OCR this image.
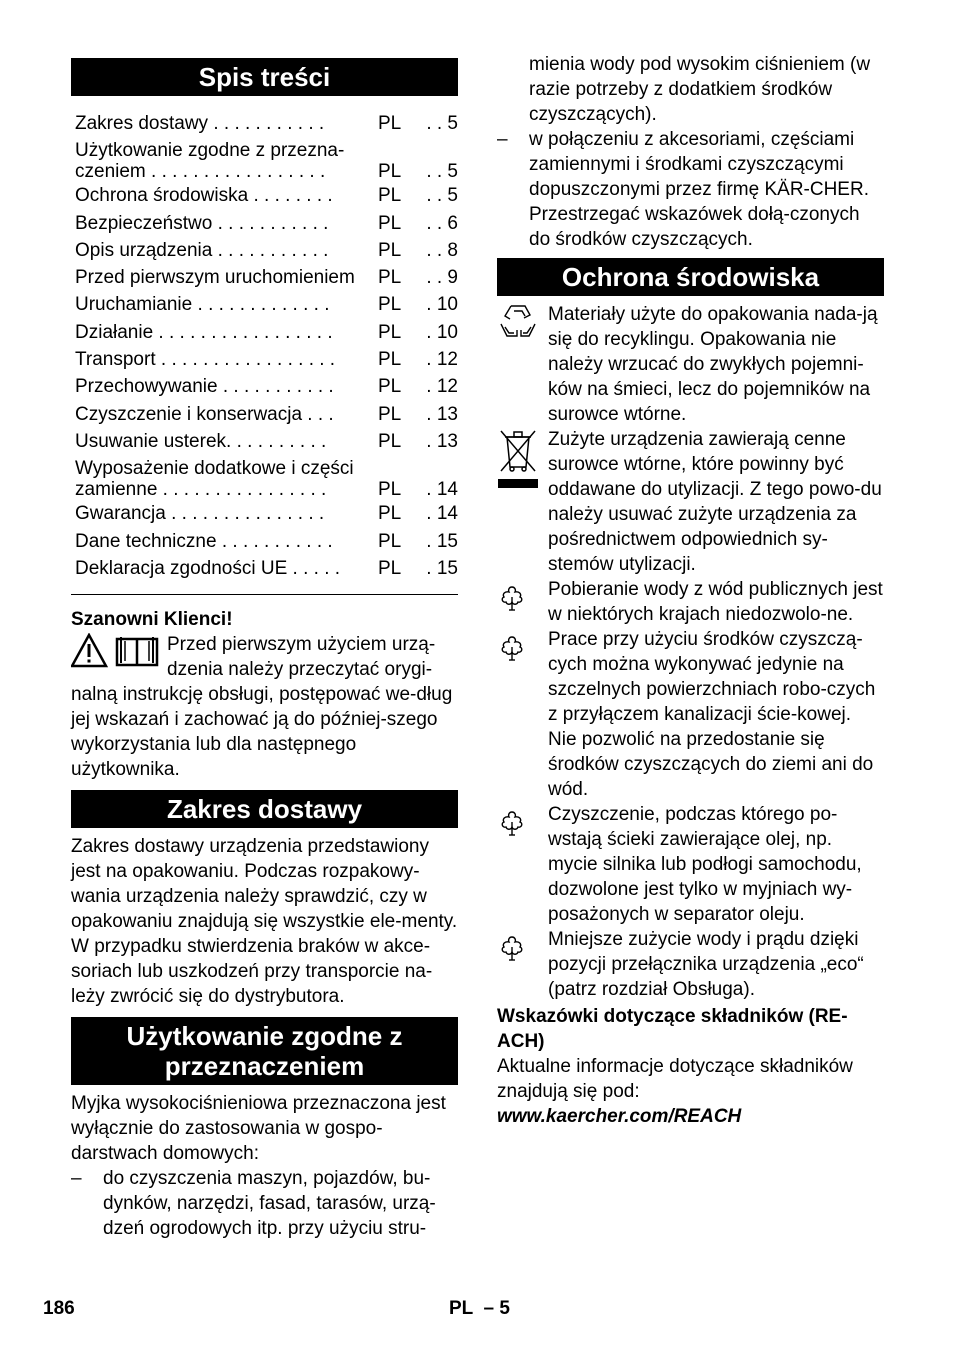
Spis treści
Zakres dostawy . . . . . . . . . . .	PL	. . 5
Użytkowanie zgodne z przezna-
czeniem . . . . . . . . . . . . . . . . .	PL	. . 5
Ochrona środowiska . . . . . . . .	PL	. . 5
Bezpieczeństwo . . . . . . . . . . .	PL	. . 6
Opis urządzenia . . . . . . . . . . .	PL	. . 8
Przed pierwszym uruchomieniem	PL	. . 9
Uruchamianie . . . . . . . . . . . . .	PL	. 10
Działanie . . . . . . . . . . . . . . . . .	PL	. 10
Transport . . . . . . . . . . . . . . . . .	PL	. 12
Przechowywanie . . . . . . . . . . .	PL	. 12
Czyszczenie i konserwacja . . .	PL	. 13
Usuwanie usterek. . . . . . . . . .	PL	. 13
Wyposażenie dodatkowe i części
zamienne . . . . . . . . . . . . . . . .	PL	. 14
Gwarancja . . . . . . . . . . . . . . .	PL	. 14
Dane techniczne . . . . . . . . . . .	PL	. 15
Deklaracja zgodności UE . . . . .	PL	. 15

Szanowni Klienci!

Przed pierwszym użyciem urzą-

dzenia należy przeczytać orygi-

nalną instrukcję obsługi, postępować we-dług jej wskazań i zachować ją do później-szego wykorzystania lub dla następnego użytkownika.

Zakres dostawy

Zakres dostawy urządzenia przedstawiony jest na opakowaniu. Podczas rozpakowy-wania urządzenia należy sprawdzić, czy w opakowaniu znajdują się wszystkie ele-menty.

W przypadku stwierdzenia braków w akce-soriach lub uszkodzeń przy transporcie na-leży zwrócić się do dystrybutora.

Użytkowanie zgodne z
przeznaczeniem

Myjka wysokociśnieniowa przeznaczona jest wyłącznie do zastosowania w gospo-darstwach domowych:

–	do czyszczenia maszyn, pojazdów, bu-dynków, narzędzi, fasad, tarasów, urzą-dzeń ogrodowych itp. przy użyciu stru-
mienia wody pod wysokim ciśnieniem (w razie potrzeby z dodatkiem środków czyszczących).
–	w połączeniu z akcesoriami, częściami zamiennymi i środkami czyszczącymi dopuszczonymi przez firmę KÄR-CHER. Przestrzegać wskazówek dołą-czonych do środków czyszczących.
Ochrona środowiska
Materiały użyte do opakowania nada-ją się do recyklingu. Opakowania nie należy wrzucać do zwykłych pojemni-ków na śmieci, lecz do pojemników na surowce wtórne.
Zużyte urządzenia zawierają cenne surowce wtórne, które powinny być oddawane do utylizacji. Z tego powo-du należy usuwać zużyte urządzenia za pośrednictwem odpowiednich sy-stemów utylizacji.
Pobieranie wody z wód publicznych jest w niektórych krajach niedozwolo-ne.
Prace przy użyciu środków czyszczą-cych można wykonywać jedynie na szczelnych powierzchniach robo-czych z przyłączem kanalizacji ście-kowej. Nie pozwolić na przedostanie się środków czyszczących do ziemi ani do wód.
Czyszczenie, podczas którego po-wstają ścieki zawierające olej, np. mycie silnika lub podłogi samochodu, dozwolone jest tylko w myjniach wy-posażonych w separator oleju.
Mniejsze zużycie wody i prądu dzięki pozycji przełącznika urządzenia „eco“ (patrz rozdział Obsługa).

Wskazówki dotyczące składników (RE-ACH)

Aktualne informacje dotyczące składników znajdują się pod:

www.kaercher.com/REACH

186	PL  – 5
